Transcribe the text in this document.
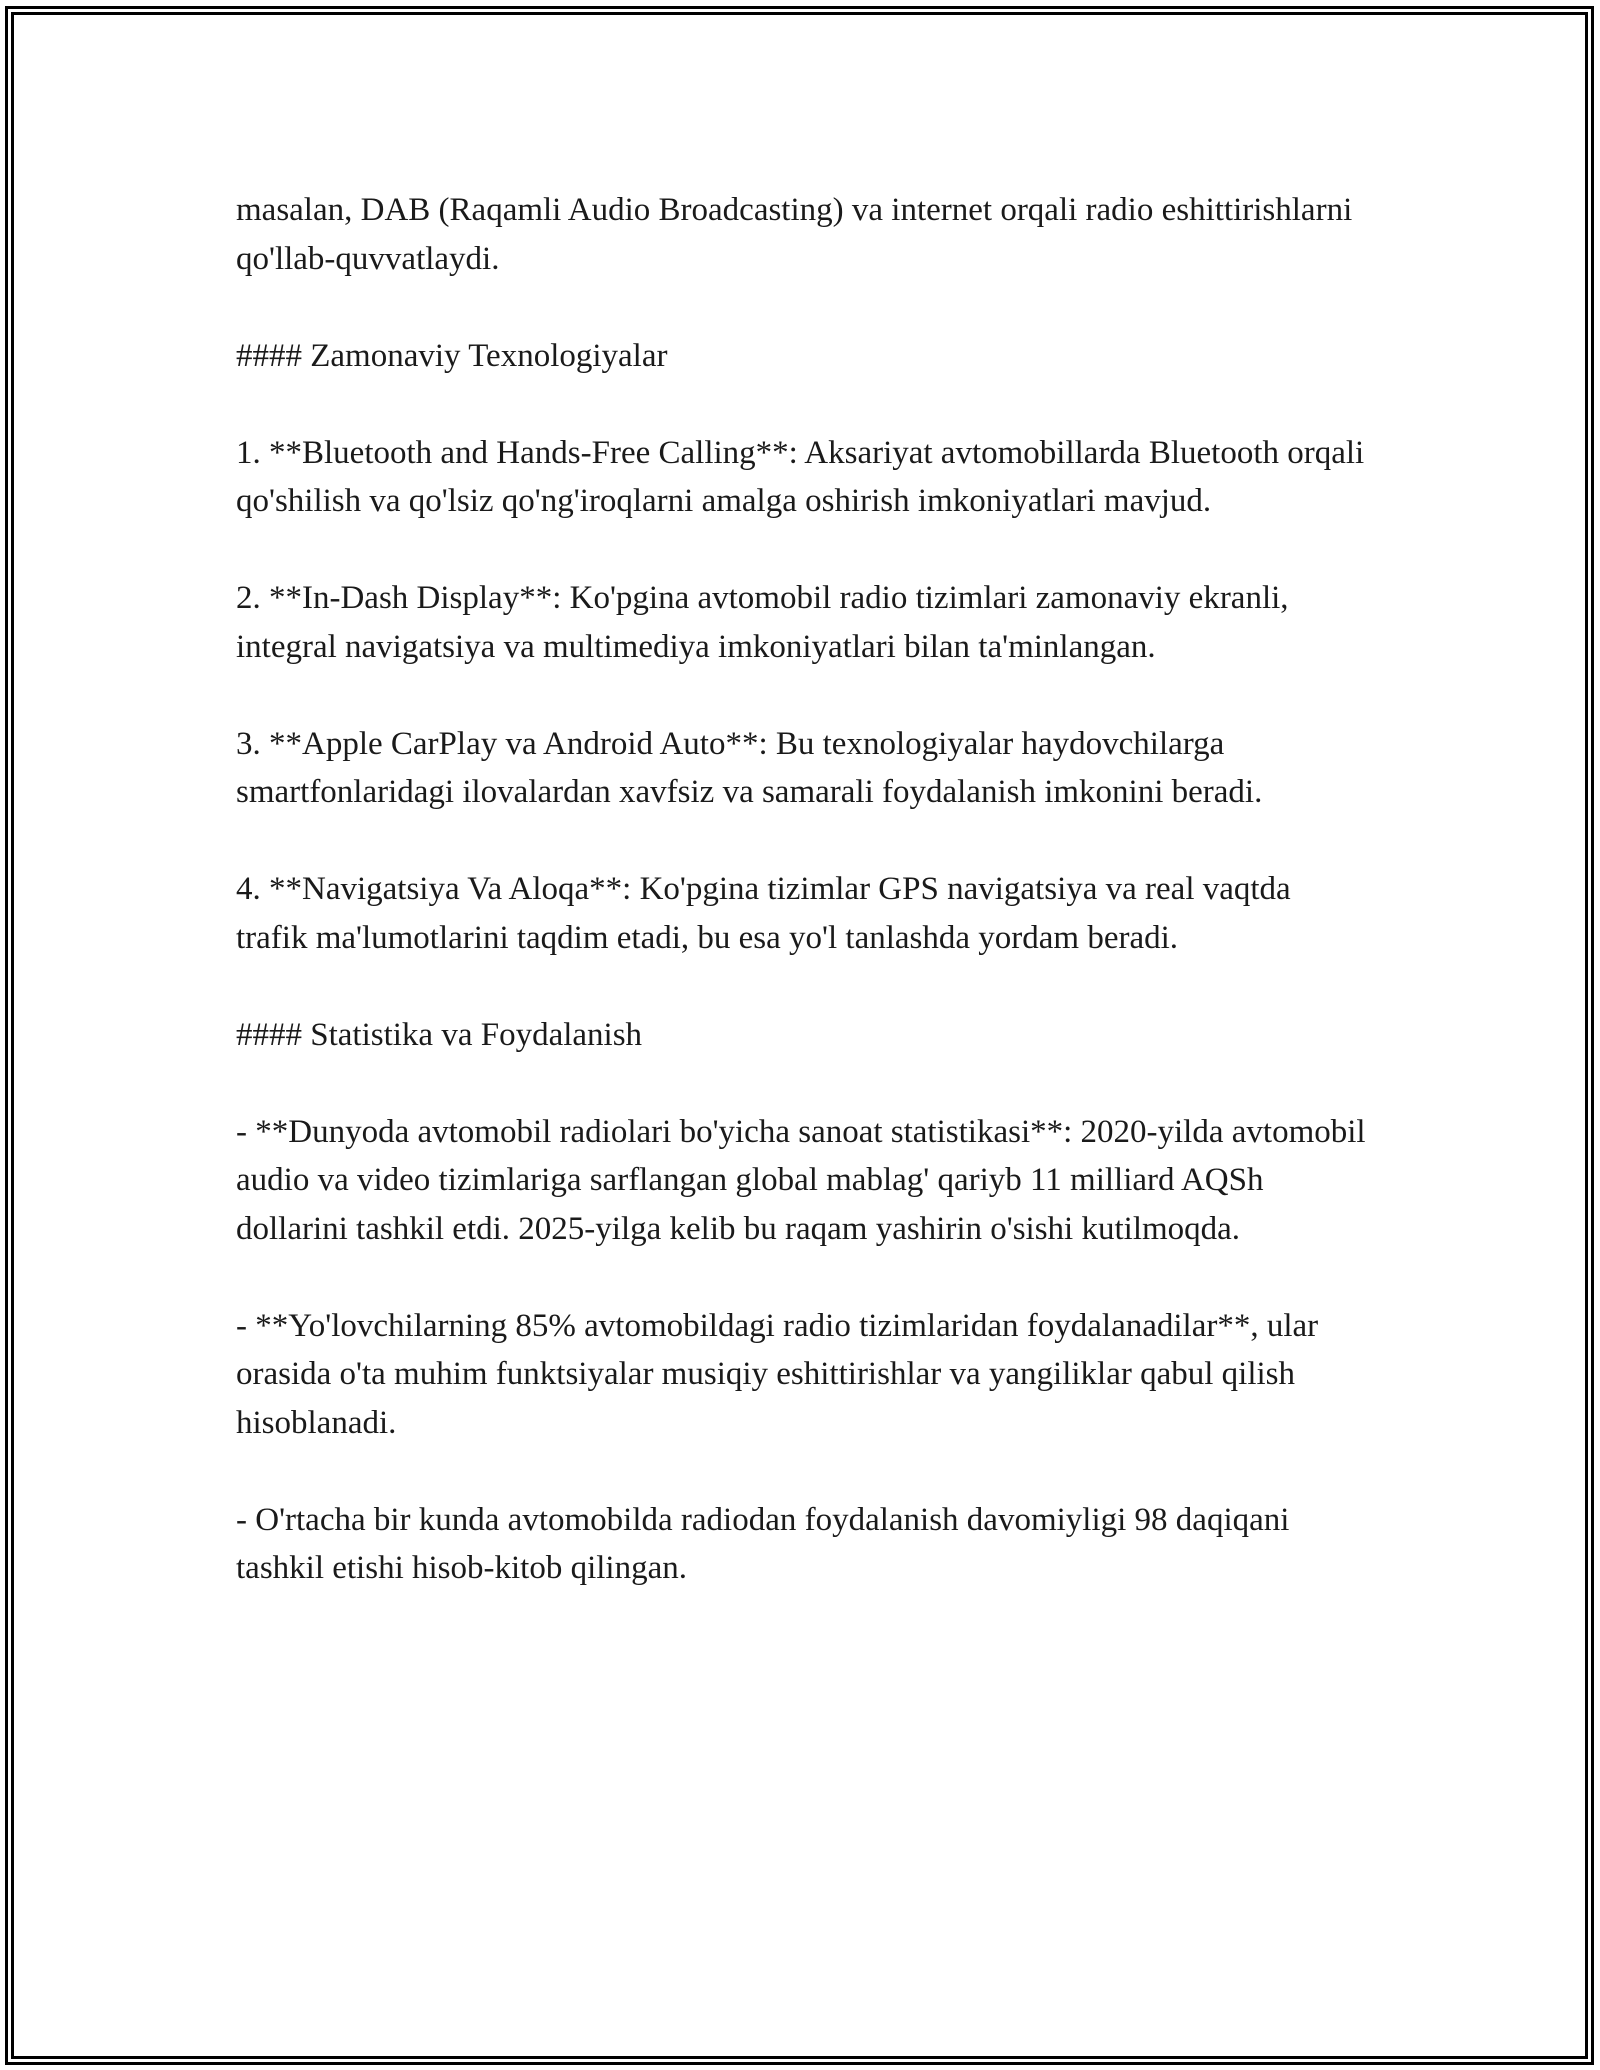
masalan, DAB (Raqamli Audio Broadcasting) va internet orqali radio eshittirishlarni qo'llab-quvvatlaydi.

#### Zamonaviy Texnologiyalar

1. **Bluetooth and Hands-Free Calling**: Aksariyat avtomobillarda Bluetooth orqali qo'shilish va qo'lsiz qo'ng'iroqlarni amalga oshirish imkoniyatlari mavjud.

2. **In-Dash Display**: Ko'pgina avtomobil radio tizimlari zamonaviy ekranli, integral navigatsiya va multimediya imkoniyatlari bilan ta'minlangan.

3. **Apple CarPlay va Android Auto**: Bu texnologiyalar haydovchilarga smartfonlaridagi ilovalardan xavfsiz va samarali foydalanish imkonini beradi.

4. **Navigatsiya Va Aloqa**: Ko'pgina tizimlar GPS navigatsiya va real vaqtda trafik ma'lumotlarini taqdim etadi, bu esa yo'l tanlashda yordam beradi.

#### Statistika va Foydalanish

- **Dunyoda avtomobil radiolari bo'yicha sanoat statistikasi**: 2020-yilda avtomobil audio va video tizimlariga sarflangan global mablag' qariyb 11 milliard AQSh dollarini tashkil etdi. 2025-yilga kelib bu raqam yashirin o'sishi kutilmoqda.

- **Yo'lovchilarning 85% avtomobildagi radio tizimlaridan foydalanadilar**, ular orasida o'ta muhim funktsiyalar musiqiy eshittirishlar va yangiliklar qabul qilish hisoblanadi.

- O'rtacha bir kunda avtomobilda radiodan foydalanish davomiyligi 98 daqiqani tashkil etishi hisob-kitob qilingan.
